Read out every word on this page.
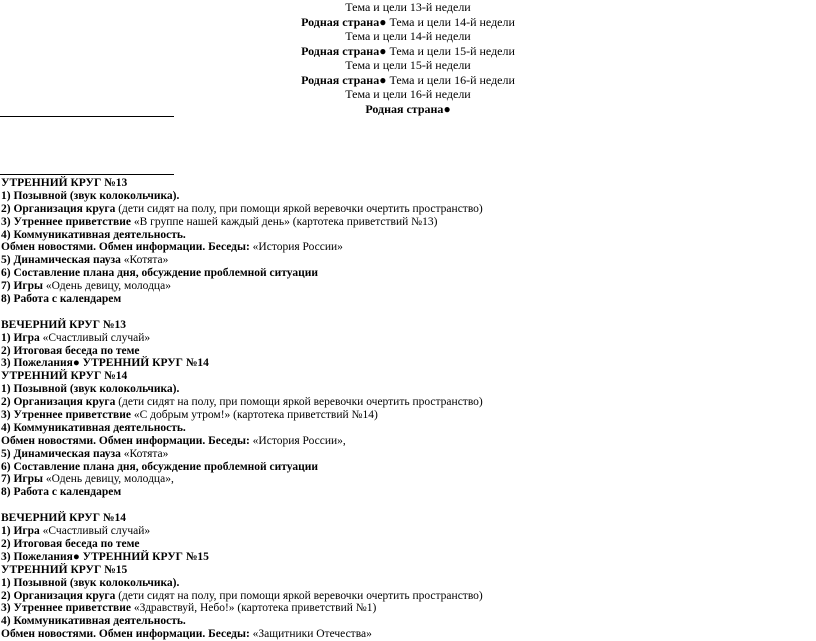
Тема и цели 13-й недели
Родная страна● Тема и цели 14-й недели
Тема и цели 14-й недели
Родная страна● Тема и цели 15-й недели
Тема и цели 15-й недели
Родная страна● Тема и цели 16-й недели
Тема и цели 16-й недели
Родная страна●
УТРЕННИЙ КРУГ №13
1) Позывной (звук колокольчика).
2) Организация круга (дети сидят на полу, при помощи яркой веревочки очертить пространство)
3) Утреннее приветствие «В группе нашей каждый день» (картотека приветствий №13)
4) Коммуникативная деятельность.
Обмен новостями. Обмен информации. Беседы: «История России»
5) Динамическая пауза «Котята»
6) Составление плана дня, обсуждение проблемной ситуации
7) Игры «Одень девицу, молодца»
8) Работа с календарем
ВЕЧЕРНИЙ КРУГ №13
1) Игра «Счастливый случай»
2) Итоговая беседа по теме
3) Пожелания● УТРЕННИЙ КРУГ №14
УТРЕННИЙ КРУГ №14
1) Позывной (звук колокольчика).
2) Организация круга (дети сидят на полу, при помощи яркой веревочки очертить пространство)
3) Утреннее приветствие «С добрым утром!» (картотека приветствий №14)
4) Коммуникативная деятельность.
Обмен новостями. Обмен информации. Беседы: «История России»,
5) Динамическая пауза «Котята»
6) Составление плана дня, обсуждение проблемной ситуации
7) Игры «Одень девицу, молодца»,
8) Работа с календарем
ВЕЧЕРНИЙ КРУГ №14
1) Игра «Счастливый случай»
2) Итоговая беседа по теме
3) Пожелания● УТРЕННИЙ КРУГ №15
УТРЕННИЙ КРУГ №15
1) Позывной (звук колокольчика).
2) Организация круга (дети сидят на полу, при помощи яркой веревочки очертить пространство)
3) Утреннее приветствие «Здравствуй, Небо!» (картотека приветствий №1)
4) Коммуникативная деятельность.
Обмен новостями. Обмен информации. Беседы: «Защитники Отечества»
